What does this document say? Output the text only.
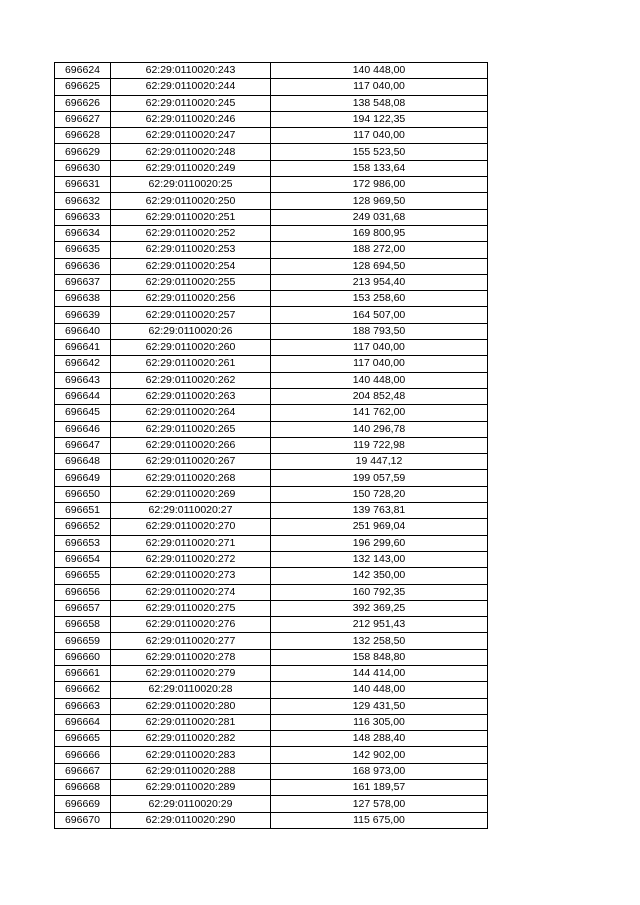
696624	62:29:0110020:243	140 448,00
696625	62:29:0110020:244	117 040,00
696626	62:29:0110020:245	138 548,08
696627	62:29:0110020:246	194 122,35
696628	62:29:0110020:247	117 040,00
696629	62:29:0110020:248	155 523,50
696630	62:29:0110020:249	158 133,64
696631	62:29:0110020:25	172 986,00
696632	62:29:0110020:250	128 969,50
696633	62:29:0110020:251	249 031,68
696634	62:29:0110020:252	169 800,95
696635	62:29:0110020:253	188 272,00
696636	62:29:0110020:254	128 694,50
696637	62:29:0110020:255	213 954,40
696638	62:29:0110020:256	153 258,60
696639	62:29:0110020:257	164 507,00
696640	62:29:0110020:26	188 793,50
696641	62:29:0110020:260	117 040,00
696642	62:29:0110020:261	117 040,00
696643	62:29:0110020:262	140 448,00
696644	62:29:0110020:263	204 852,48
696645	62:29:0110020:264	141 762,00
696646	62:29:0110020:265	140 296,78
696647	62:29:0110020:266	119 722,98
696648	62:29:0110020:267	19 447,12
696649	62:29:0110020:268	199 057,59
696650	62:29:0110020:269	150 728,20
696651	62:29:0110020:27	139 763,81
696652	62:29:0110020:270	251 969,04
696653	62:29:0110020:271	196 299,60
696654	62:29:0110020:272	132 143,00
696655	62:29:0110020:273	142 350,00
696656	62:29:0110020:274	160 792,35
696657	62:29:0110020:275	392 369,25
696658	62:29:0110020:276	212 951,43
696659	62:29:0110020:277	132 258,50
696660	62:29:0110020:278	158 848,80
696661	62:29:0110020:279	144 414,00
696662	62:29:0110020:28	140 448,00
696663	62:29:0110020:280	129 431,50
696664	62:29:0110020:281	116 305,00
696665	62:29:0110020:282	148 288,40
696666	62:29:0110020:283	142 902,00
696667	62:29:0110020:288	168 973,00
696668	62:29:0110020:289	161 189,57
696669	62:29:0110020:29	127 578,00
696670	62:29:0110020:290	115 675,00
